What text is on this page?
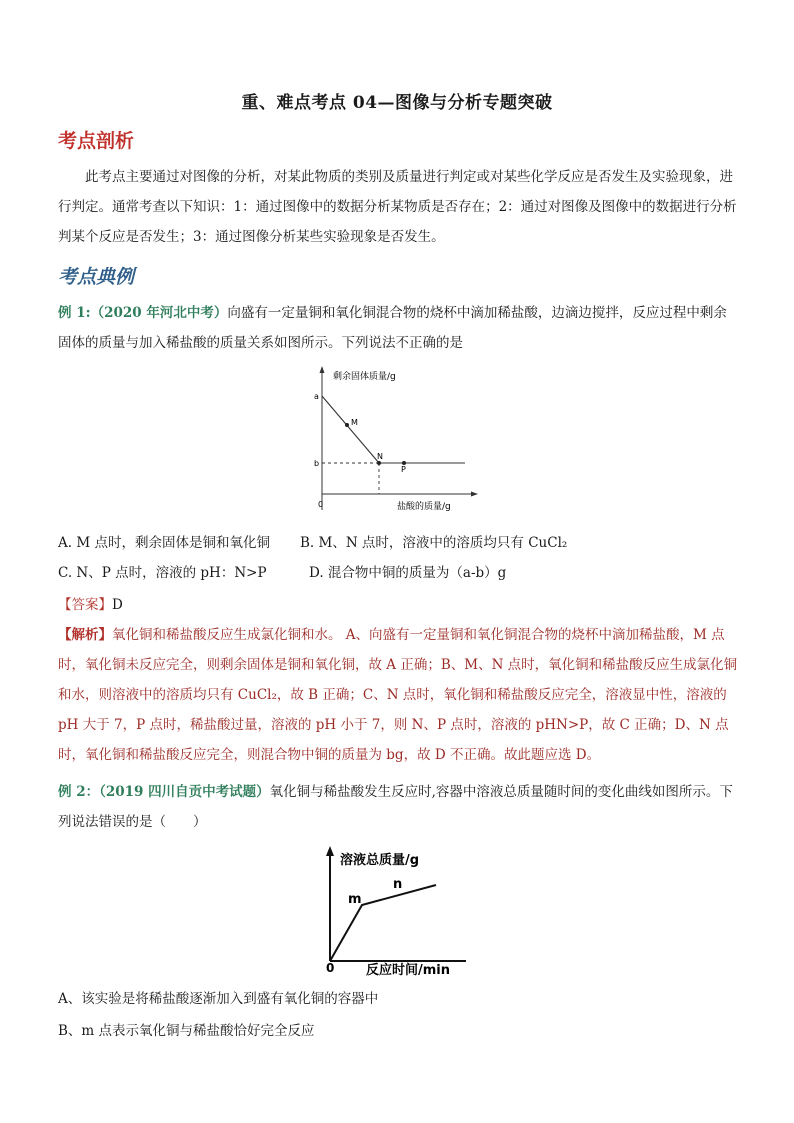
重、难点考点 04—图像与分析专题突破
考点剖析
此考点主要通过对图像的分析，对某此物质的类别及质量进行判定或对某些化学反应是否发生及实验现象，进行判定。通常考查以下知识：1：通过图像中的数据分析某物质是否存在；2：通过对图像及图像中的数据进行分析判某个反应是否发生；3：通过图像分析某些实验现象是否发生。
考点典例
例 1:（2020 年河北中考）向盛有一定量铜和氧化铜混合物的烧杯中滴加稀盐酸，边滴边搅拌，反应过程中剩余固体的质量与加入稀盐酸的质量关系如图所示。下列说法不正确的是
剩余固体质量/g
盐酸的质量/g
a
b
0
M
N
P
A. M 点时，剩余固体是铜和氧化铜 B. M、N 点时，溶液中的溶质均只有 CuCl₂
C. N、P 点时，溶液的 pH：N>P	D. 混合物中铜的质量为（a-b）g
【答案】D
【解析】氧化铜和稀盐酸反应生成氯化铜和水。 A、向盛有一定量铜和氧化铜混合物的烧杯中滴加稀盐酸，M 点时，氧化铜未反应完全，则剩余固体是铜和氧化铜，故 A 正确；B、M、N 点时，氧化铜和稀盐酸反应生成氯化铜和水，则溶液中的溶质均只有 CuCl₂，故 B 正确；C、N 点时，氧化铜和稀盐酸反应完全，溶液显中性，溶液的 pH 大于 7，P 点时，稀盐酸过量，溶液的 pH 小于 7，则 N、P 点时，溶液的 pHN>P，故 C 正确；D、N 点时，氧化铜和稀盐酸反应完全，则混合物中铜的质量为 bg，故 D 不正确。故此题应选 D。
例 2：（2019 四川自贡中考试题）氧化铜与稀盐酸发生反应时,容器中溶液总质量随时间的变化曲线如图所示。下列说法错误的是（　　）
溶液总质量/g
反应时间/min
0
m
n
A、该实验是将稀盐酸逐渐加入到盛有氧化铜的容器中
B、m 点表示氧化铜与稀盐酸恰好完全反应
